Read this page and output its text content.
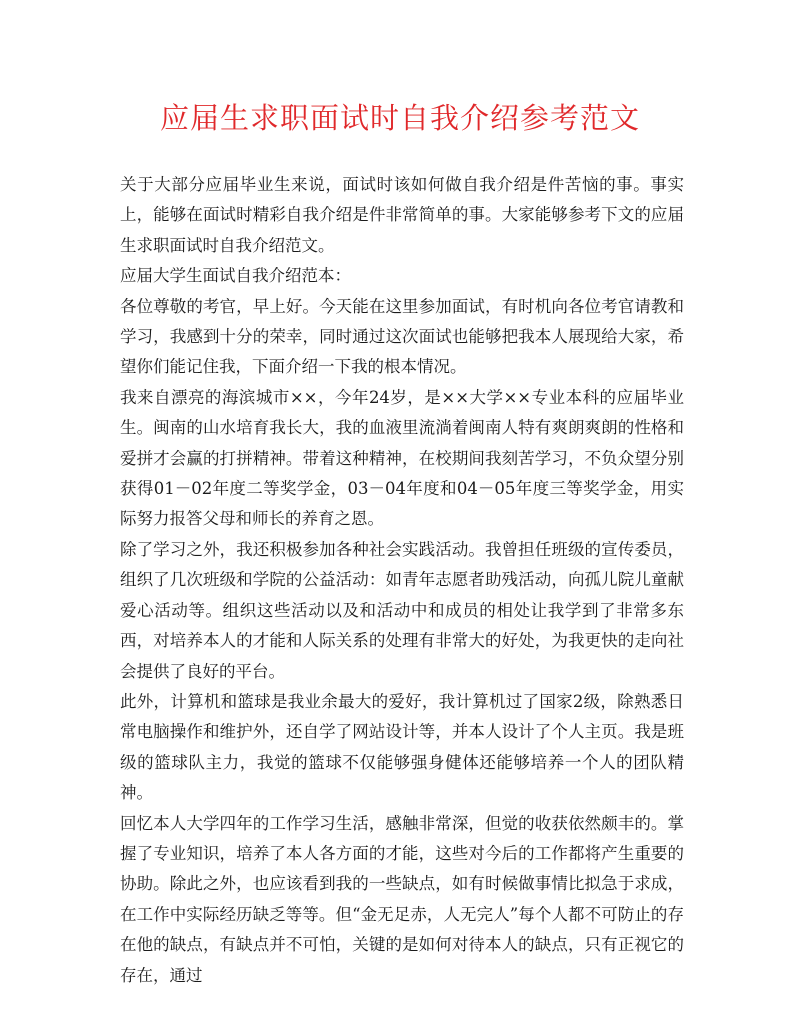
应届生求职面试时自我介绍参考范文

关于大部分应届毕业生来说，面试时该如何做自我介绍是件苦恼的事。事实上，能够在面试时精彩自我介绍是件非常简单的事。大家能够参考下文的应届生求职面试时自我介绍范文。

应届大学生面试自我介绍范本：

各位尊敬的考官，早上好。今天能在这里参加面试，有时机向各位考官请教和学习，我感到十分的荣幸，同时通过这次面试也能够把我本人展现给大家，希望你们能记住我，下面介绍一下我的根本情况。

我来自漂亮的海滨城市××，今年24岁，是××大学××专业本科的应届毕业生。闽南的山水培育我长大，我的血液里流淌着闽南人特有爽朗爽朗的性格和爱拼才会赢的打拼精神。带着这种精神，在校期间我刻苦学习，不负众望分别获得01－02年度二等奖学金，03－04年度和04－05年度三等奖学金，用实际努力报答父母和师长的养育之恩。

除了学习之外，我还积极参加各种社会实践活动。我曾担任班级的宣传委员，组织了几次班级和学院的公益活动：如青年志愿者助残活动，向孤儿院儿童献爱心活动等。组织这些活动以及和活动中和成员的相处让我学到了非常多东西，对培养本人的才能和人际关系的处理有非常大的好处，为我更快的走向社会提供了良好的平台。

此外，计算机和篮球是我业余最大的爱好，我计算机过了国家2级，除熟悉日常电脑操作和维护外，还自学了网站设计等，并本人设计了个人主页。我是班级的篮球队主力，我觉的篮球不仅能够强身健体还能够培养一个人的团队精神。

回忆本人大学四年的工作学习生活，感触非常深，但觉的收获依然颇丰的。掌握了专业知识，培养了本人各方面的才能，这些对今后的工作都将产生重要的协助。除此之外，也应该看到我的一些缺点，如有时候做事情比拟急于求成，在工作中实际经历缺乏等等。但“金无足赤，人无完人”每个人都不可防止的存在他的缺点，有缺点并不可怕，关键的是如何对待本人的缺点，只有正视它的存在，通过
